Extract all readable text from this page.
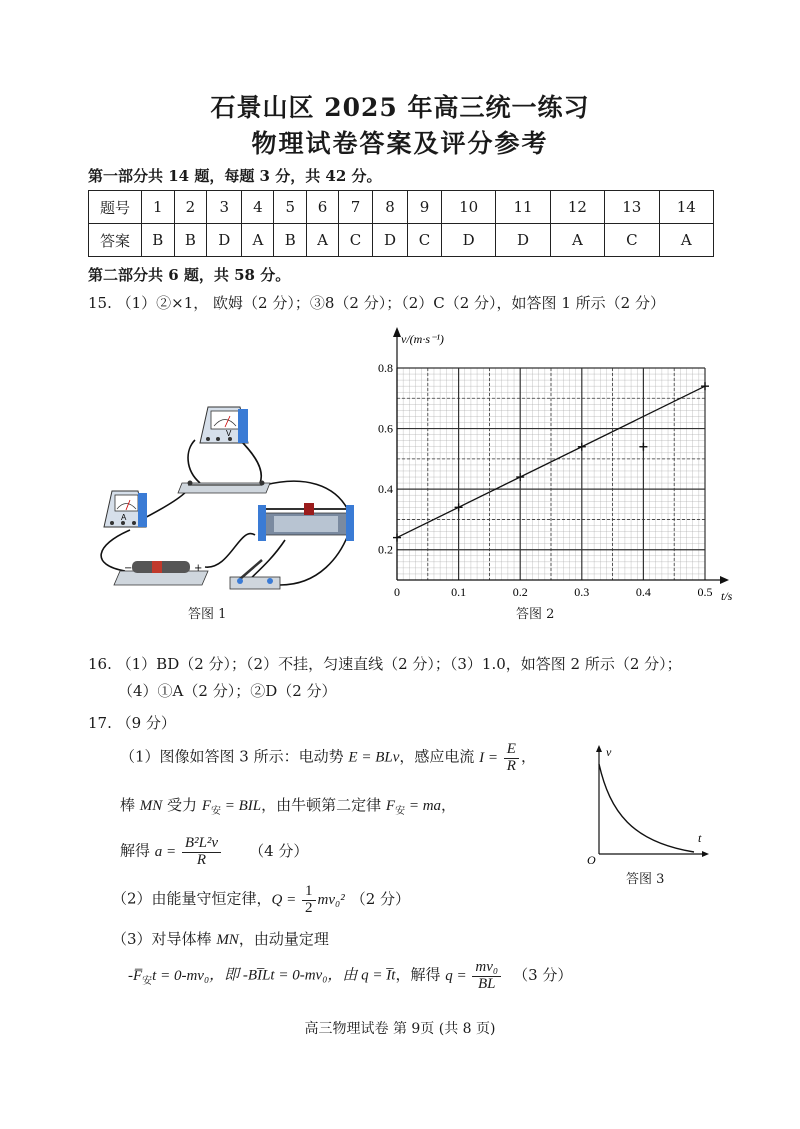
石景山区 2025 年高三统一练习
物理试卷答案及评分参考
第一部分共 14 题，每题 3 分，共 42 分。
题号	1	2	3	4	5	6	7	8	9	10	11	12	13	14
答案	B	B	D	A	B	A	C	D	C	D	D	A	C	A
第二部分共 6 题，共 58 分。
15. （1）②×1， 欧姆（2 分）；③8（2 分）；（2）C（2 分），如答图 1 所示（2 分）
V
A
−	+
答图 1
0	0.1	0.2	0.3	0.4	0.5
0.2
0.4
0.6
0.8
v/(m·s⁻¹)
t/s
答图 2
16. （1）BD（2 分）；（2）不挂，匀速直线（2 分）；（3）1.0，如答图 2 所示（2 分）；
（4）①A（2 分）；②D（2 分）
17. （9 分）
（1）图像如答图 3 所示：电动势 E = BLv，感应电流 $I = \frac{E}{R}$ ，
棒 MN 受力 $F_安$ = BIL，由牛顿第二定律 $F_安$ = ma，
解得 $a = \frac{\text{B²L²v}}{R} (4$ 分）
（2）由能量守恒定律，$Q = \frac{1}{2} mv_0^2$ （2 分）
（3）对导体棒 MN，由动量定理
$-F̅_安t = 0-mv_0$，即 -BI̅Lt = 0-mv₀，由 q = I̅t，解得 $q = \frac{\text{mv₀}}{BL} (3$ 分）
v
t
O
答图 3
高三物理试卷 第 9页 (共 8 页)
